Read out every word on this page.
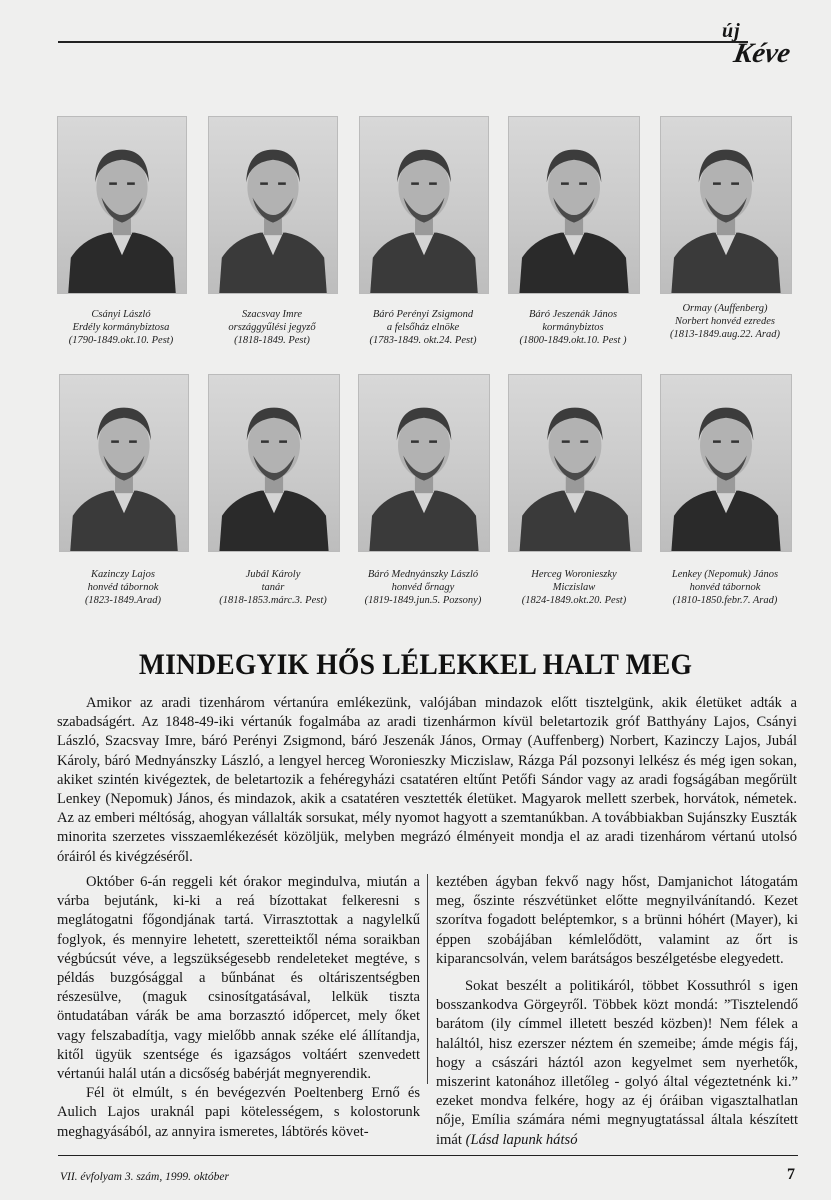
új
Kéve
Csányi László
Erdély kormánybiztosa
(1790-1849.okt.10. Pest)
Szacsvay Imre
országgyűlési jegyző
(1818-1849. Pest)
Báró Perényi Zsigmond
a felsőház elnöke
(1783-1849. okt.24. Pest)
Báró Jeszenák János
kormánybiztos
(1800-1849.okt.10. Pest )
Ormay (Auffenberg)
Norbert honvéd ezredes
(1813-1849.aug.22. Arad)
Kazinczy Lajos
honvéd tábornok
(1823-1849.Arad)
Jubál Károly
tanár
(1818-1853.márc.3. Pest)
Báró Mednyánszky László
honvéd őrnagy
(1819-1849.jun.5. Pozsony)
Herceg Woronieszky
Miczislaw
(1824-1849.okt.20. Pest)
Lenkey (Nepomuk) János
honvéd tábornok
(1810-1850.febr.7. Arad)
MINDEGYIK HŐS LÉLEKKEL HALT MEG

Amikor az aradi tizenhárom vértanúra emlékezünk, valójában mindazok előtt tisztelgünk, akik életüket adták a szabadságért. Az 1848-49-iki vértanúk fogalmába az aradi tizenhármon kívül beletartozik gróf Batthyány Lajos, Csányi László, Szacsvay Imre, báró Perényi Zsigmond, báró Jeszenák János, Ormay (Auffenberg) Norbert, Kazinczy Lajos, Jubál Károly, báró Mednyánszky László, a lengyel herceg Woronieszky Miczislaw, Rázga Pál pozsonyi lelkész és még igen sokan, akiket szintén kivégeztek, de beletartozik a fehéregyházi csatatéren eltűnt Petőfi Sándor vagy az aradi fogságában megőrült Lenkey (Nepomuk) János, és mindazok, akik a csatatéren vesztették életüket. Magyarok mellett szerbek, horvátok, németek. Az az emberi méltóság, ahogyan vállalták sorsukat, mély nyomot hagyott a szemtanúkban. A továbbiakban Sujánszky Euszták minorita szerzetes visszaemlékezését közöljük, melyben megrázó élményeit mondja el az aradi tizenhárom vértanú utolsó óráiról és kivégzéséről.

Október 6-án reggeli két órakor megindulva, miután a várba bejutánk, ki-ki a reá bízottakat felkeresni s meglátogatni főgondjának tartá. Virrasztottak a nagylelkű foglyok, és mennyire lehetett, szeretteiktől néma soraikban végbúcsút véve, a legszükségesebb rendeleteket megtéve, s példás buzgósággal a bűnbánat és oltáriszentségben részesülve, (maguk csinosítgatásával, lelkük tiszta öntudatában várák be ama borzasztó időpercet, mely őket vagy felszabadítja, vagy mielőbb annak széke elé állítandja, kitől ügyük szentsége és igazságos voltáért szenvedett vértanúi halál után a dicsőség babérját megnyerendik.

Fél öt elmúlt, s én bevégezvén Poeltenberg Ernő és Aulich Lajos uraknál papi kötelességem, s kolostorunk meghagyásából, az annyira ismeretes, lábtörés követ-

keztében ágyban fekvő nagy hőst, Damjanichot látogatám meg, őszinte részvétünket előtte megnyilvánítandó. Kezet szorítva fogadott beléptemkor, s a brünni hóhért (Mayer), ki éppen szobájában kémlelődött, valamint az őrt is kiparancsolván, velem barátságos beszélgetésbe elegyedett.

Sokat beszélt a politikáról, többet Kossuthról s igen bosszankodva Görgeyről. Többek közt mondá: ”Tisztelendő barátom (ily címmel illetett beszéd közben)! Nem félek a haláltól, hisz ezerszer néztem én szemeibe; ámde mégis fáj, hogy a császári háztól azon kegyelmet sem nyerhetők, miszerint katonához illetőleg - golyó által végeztetnénk ki.” ezeket mondva felkére, hogy az éj óráiban vigasztalhatlan nője, Emília számára némi megnyugtatással általa készített imát (Lásd lapunk hátsó

VII. évfolyam 3. szám, 1999. október	7
